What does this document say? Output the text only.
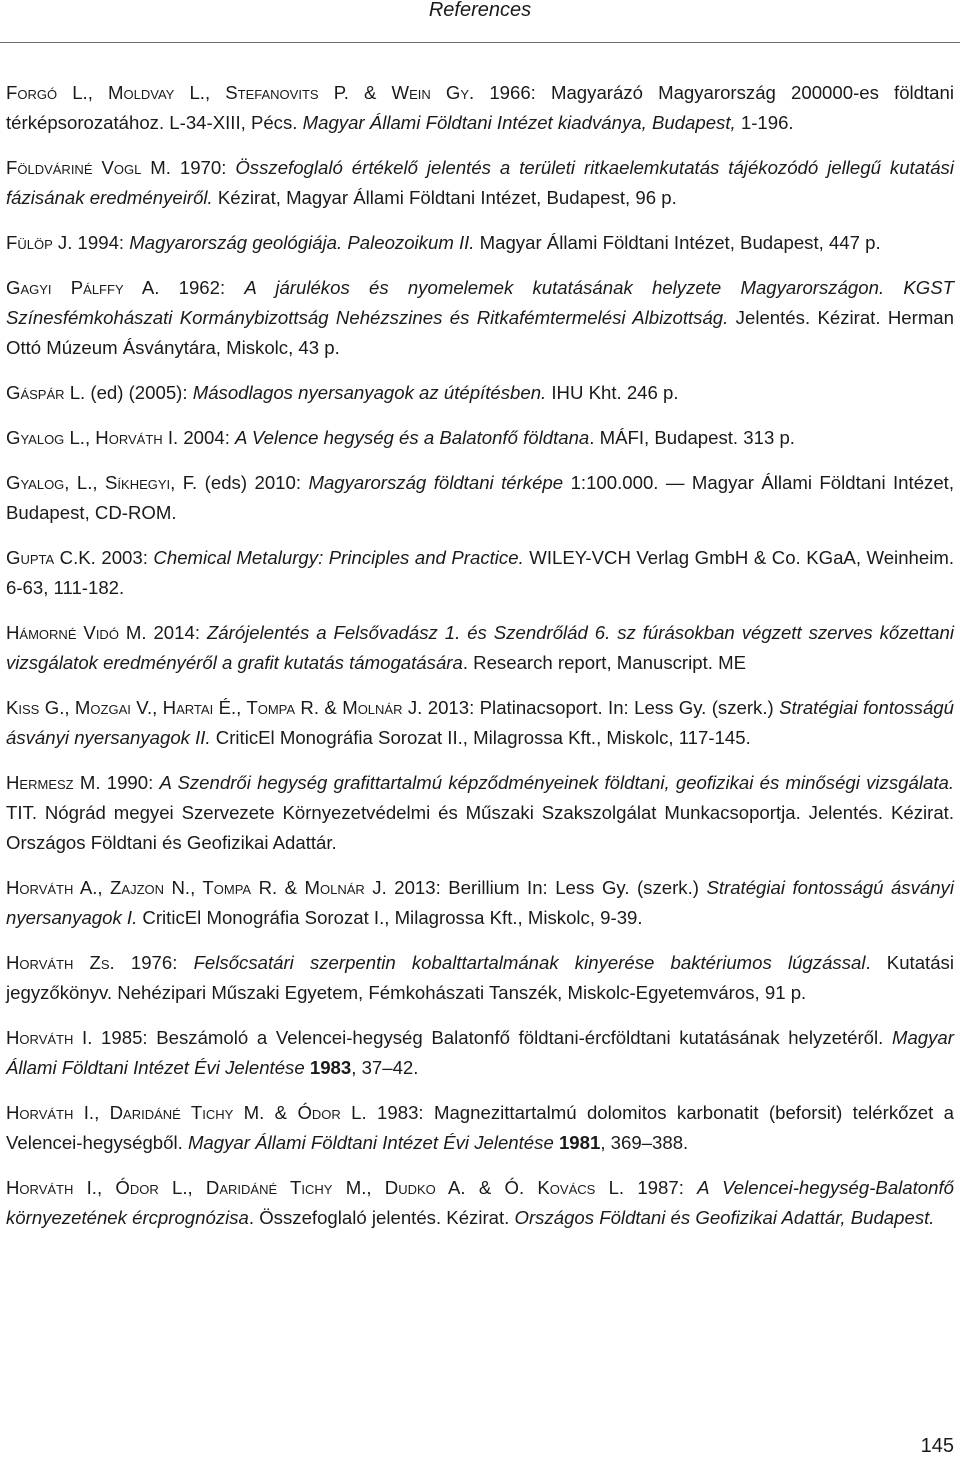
References

Forgó L., Moldvay L., Stefanovits P. & Wein Gy. 1966: Magyarázó Magyarország 200000-es földtani térképsorozatához. L-34-XIII, Pécs. Magyar Állami Földtani Intézet kiadványa, Budapest, 1-196.

Földváriné Vogl M. 1970: Összefoglaló értékelő jelentés a területi ritkaelemkutatás tájékozódó jellegű kutatási fázisának eredményeiről. Kézirat, Magyar Állami Földtani Intézet, Budapest, 96 p.

Fülöp J. 1994: Magyarország geológiája. Paleozoikum II. Magyar Állami Földtani Intézet, Budapest, 447 p.

Gagyi Pálffy A. 1962: A járulékos és nyomelemek kutatásának helyzete Magyarországon. KGST Színesfémkohászati Kormánybizottság Nehézszines és Ritkafémtermelési Albizottság. Jelentés. Kézirat. Herman Ottó Múzeum Ásványtára, Miskolc, 43 p.

Gáspár L. (ed) (2005): Másodlagos nyersanyagok az útépítésben. IHU Kht. 246 p.

Gyalog L., Horváth I. 2004: A Velence hegység és a Balatonfő földtana. MÁFI, Budapest. 313 p.

Gyalog, L., Síkhegyi, F. (eds) 2010: Magyarország földtani térképe 1:100.000. — Magyar Állami Földtani Intézet, Budapest, CD-ROM.

Gupta C.K. 2003: Chemical Metalurgy: Principles and Practice. WILEY-VCH Verlag GmbH & Co. KGaA, Weinheim. 6-63, 111-182.

Hámorné Vidó M. 2014: Zárójelentés a Felsővadász 1. és Szendrőlád 6. sz fúrásokban végzett szerves kőzettani vizsgálatok eredményéről a grafit kutatás támogatására. Research report, Manuscript. ME

Kiss G., Mozgai V., Hartai É., Tompa R. & Molnár J. 2013: Platinacsoport. In: Less Gy. (szerk.) Stratégiai fontosságú ásványi nyersanyagok II. CriticEl Monográfia Sorozat II., Milagrossa Kft., Miskolc, 117-145.

Hermesz M. 1990: A Szendrői hegység grafittartalmú képződményeinek földtani, geofizikai és minőségi vizsgálata. TIT. Nógrád megyei Szervezete Környezetvédelmi és Műszaki Szakszolgálat Munkacsoportja. Jelentés. Kézirat. Országos Földtani és Geofizikai Adattár.

Horváth A., Zajzon N., Tompa R. & Molnár J. 2013: Berillium In: Less Gy. (szerk.) Stratégiai fontosságú ásványi nyersanyagok I. CriticEl Monográfia Sorozat I., Milagrossa Kft., Miskolc, 9-39.

Horváth Zs. 1976: Felsőcsatári szerpentin kobalttartalmának kinyerése baktériumos lúgzással. Kutatási jegyzőkönyv. Nehézipari Műszaki Egyetem, Fémkohászati Tanszék, Miskolc-Egyetemváros, 91 p.

Horváth I. 1985: Beszámoló a Velencei-hegység Balatonfő földtani-ércföldtani kutatásának helyzetéről. Magyar Állami Földtani Intézet Évi Jelentése 1983, 37–42.

Horváth I., Daridáné Tichy M. & Ódor L. 1983: Magnezittartalmú dolomitos karbonatit (beforsit) telérkőzet a Velencei-hegységből. Magyar Állami Földtani Intézet Évi Jelentése 1981, 369–388.

Horváth I., Ódor L., Daridáné Tichy M., Dudko A. & Ó. Kovács L. 1987: A Velencei-hegység-Balatonfő környezetének ércprognózisa. Összefoglaló jelentés. Kézirat. Országos Földtani és Geofizikai Adattár, Budapest.

145
